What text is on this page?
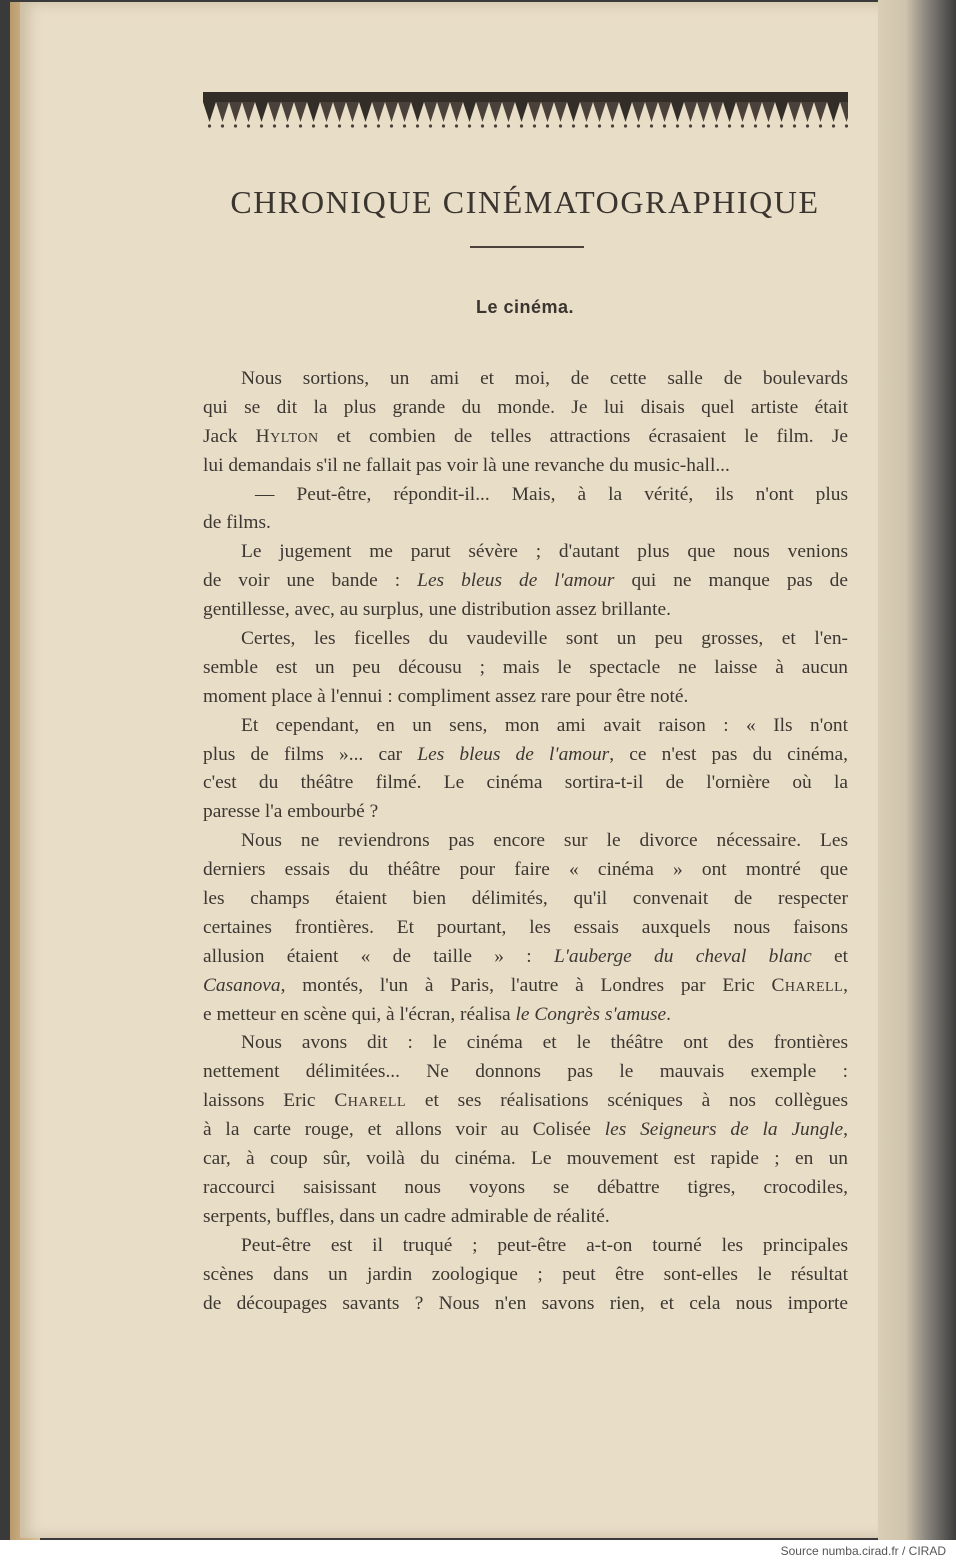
CHRONIQUE CINÉMATOGRAPHIQUE
Le cinéma.
Nous sortions, un ami et moi, de cette salle de boulevards
qui se dit la plus grande du monde. Je lui disais quel artiste était
Jack Hylton et combien de telles attractions écrasaient le film. Je
lui demandais s'il ne fallait pas voir là une revanche du music-hall...
— Peut-être, répondit-il... Mais, à la vérité, ils n'ont plus
de films.
Le jugement me parut sévère ; d'autant plus que nous venions
de voir une bande : Les bleus de l'amour qui ne manque pas de
gentillesse, avec, au surplus, une distribution assez brillante.
Certes, les ficelles du vaudeville sont un peu grosses, et l'en-
semble est un peu décousu ; mais le spectacle ne laisse à aucun
moment place à l'ennui : compliment assez rare pour être noté.
Et cependant, en un sens, mon ami avait raison : « Ils n'ont
plus de films »... car Les bleus de l'amour, ce n'est pas du cinéma,
c'est du théâtre filmé. Le cinéma sortira-t-il de l'ornière où la
paresse l'a embourbé ?
Nous ne reviendrons pas encore sur le divorce nécessaire. Les
derniers essais du théâtre pour faire « cinéma » ont montré que
les champs étaient bien délimités, qu'il convenait de respecter
certaines frontières. Et pourtant, les essais auxquels nous faisons
allusion étaient « de taille » : L'auberge du cheval blanc et
Casanova, montés, l'un à Paris, l'autre à Londres par Eric Charell,
e metteur en scène qui, à l'écran, réalisa le Congrès s'amuse.
Nous avons dit : le cinéma et le théâtre ont des frontières
nettement délimitées... Ne donnons pas le mauvais exemple :
laissons Eric Charell et ses réalisations scéniques à nos collègues
à la carte rouge, et allons voir au Colisée les Seigneurs de la Jungle,
car, à coup sûr, voilà du cinéma. Le mouvement est rapide ; en un
raccourci saisissant nous voyons se débattre tigres, crocodiles,
serpents, buffles, dans un cadre admirable de réalité.
Peut-être est il truqué ; peut-être a-t-on tourné les principales
scènes dans un jardin zoologique ; peut être sont-elles le résultat
de découpages savants ? Nous n'en savons rien, et cela nous importe
Source numba.cirad.fr / CIRAD
